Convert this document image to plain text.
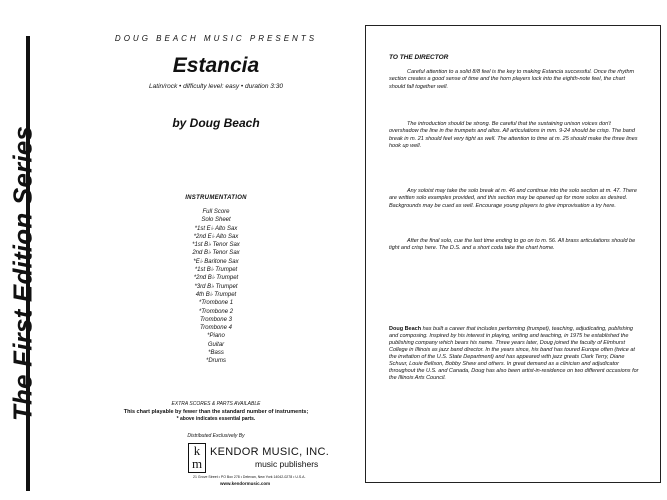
The First Edition Series
DOUG BEACH MUSIC PRESENTS
Estancia
Latin/rock • difficulty level: easy • duration 3:30
by Doug Beach
INSTRUMENTATION
Full Score
Solo Sheet
*1st E♭ Alto Sax
*2nd E♭ Alto Sax
*1st B♭ Tenor Sax
2nd B♭ Tenor Sax
*E♭ Baritone Sax
*1st B♭ Trumpet
*2nd B♭ Trumpet
*3rd B♭ Trumpet
4th B♭ Trumpet
*Trombone 1
*Trombone 2
Trombone 3
Trombone 4
*Piano
Guitar
*Bass
*Drums
EXTRA SCORES & PARTS AVAILABLE
This chart playable by fewer than the standard number of instruments;
* above indicates essential parts.
Distributed Exclusively By
k
m
KENDOR MUSIC, INC.
music publishers
21 Grove Street • PO Box 278 • Delevan, New York 14042-0278 • U.S.A.
www.kendormusic.com
TO THE DIRECTOR
Careful attention to a solid 8/8 feel is the key to making Estancia successful. Once the rhythm section creates a good sense of time and the horn players lock into the eighth-note feel, the chart should fall together well.
The introduction should be strong. Be careful that the sustaining unison voices don't overshadow the line in the trumpets and altos. All articulations in mm. 9-24 should be crisp. The band break in m. 21 should feel very tight as well. The attention to time at m. 25 should make the three lines hook up well.
Any soloist may take the solo break at m. 46 and continue into the solo section at m. 47. There are written solo examples provided, and this section may be opened up for more solos as desired. Backgrounds may be cued as well. Encourage young players to give improvisation a try here.
After the final solo, cue the last time ending to go on to m. 56. All brass articulations should be tight and crisp here. The D.S. and a short coda take the chart home.
Doug Beach has built a career that includes performing (trumpet), teaching, adjudicating, publishing and composing. Inspired by his interest in playing, writing and teaching, in 1975 he established the publishing company which bears his name. Three years later, Doug joined the faculty of Elmhurst College in Illinois as jazz band director. In the years since, his band has toured Europe often (twice at the invitation of the U.S. State Department) and has appeared with jazz greats Clark Terry, Diane Schuur, Louie Bellson, Bobby Shew and others. In great demand as a clinician and adjudicator throughout the U.S. and Canada, Doug has also been artist-in-residence on two different occasions for the Illinois Arts Council.
